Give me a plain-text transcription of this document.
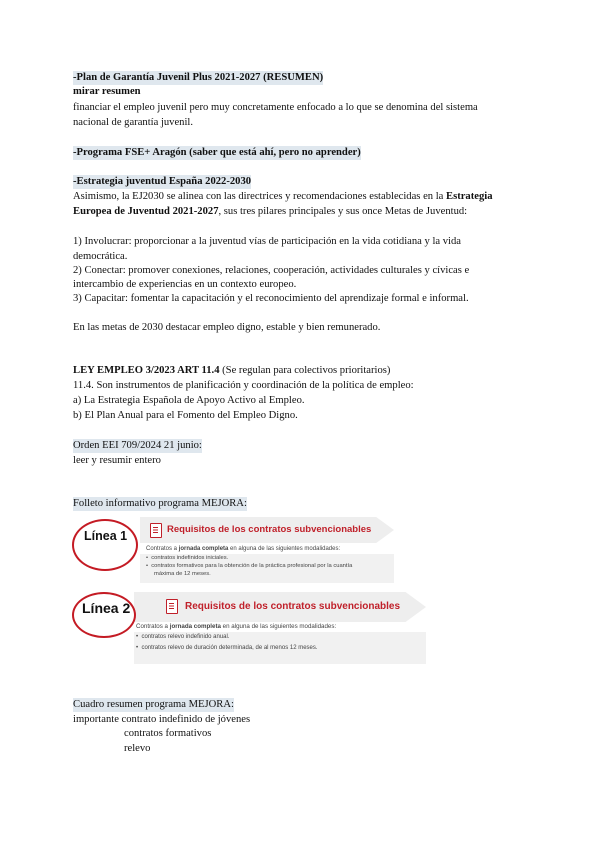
-Plan de Garantía Juvenil Plus 2021-2027 (RESUMEN)
mirar resumen
financiar el empleo juvenil pero muy concretamente enfocado a lo que se denomina del sistema
nacional de garantía juvenil.
-Programa FSE+ Aragón (saber que está ahí, pero no aprender)
-Estrategia juventud España 2022-2030
Asimismo, la EJ2030 se alinea con las directrices y recomendaciones establecidas en la Estrategia
Europea de Juventud 2021-2027, sus tres pilares principales y sus once Metas de Juventud:
1) Involucrar: proporcionar a la juventud vías de participación en la vida cotidiana y la vida
democrática.
2) Conectar: promover conexiones, relaciones, cooperación, actividades culturales y cívicas e
intercambio de experiencias en un contexto europeo.
3) Capacitar: fomentar la capacitación y el reconocimiento del aprendizaje formal e informal.
En las metas de 2030 destacar empleo digno, estable y bien remunerado.
LEY EMPLEO 3/2023 ART 11.4 (Se regulan para colectivos prioritarios)
11.4. Son instrumentos de planificación y coordinación de la política de empleo:
a) La Estrategia Española de Apoyo Activo al Empleo.
b) El Plan Anual para el Fomento del Empleo Digno.
Orden EEI 709/2024 21 junio:
leer y resumir entero
Folleto informativo programa MEJORA:
Requisitos de los contratos subvencionables
Línea 1
Contratos a jornada completa en alguna de las siguientes modalidades:
•  contratos indefinidos iniciales.
•  contratos formativos para la obtención de la práctica profesional por la cuantía
máxima de 12 meses.
Requisitos de los contratos subvencionables
Línea 2
Contratos a jornada completa en alguna de las siguientes modalidades:
•  contratos relevo indefinido anual.
•  contratos relevo de duración determinada, de al menos 12 meses.
Cuadro resumen programa MEJORA:
importante contrato indefinido de jóvenes
contratos formativos
relevo
